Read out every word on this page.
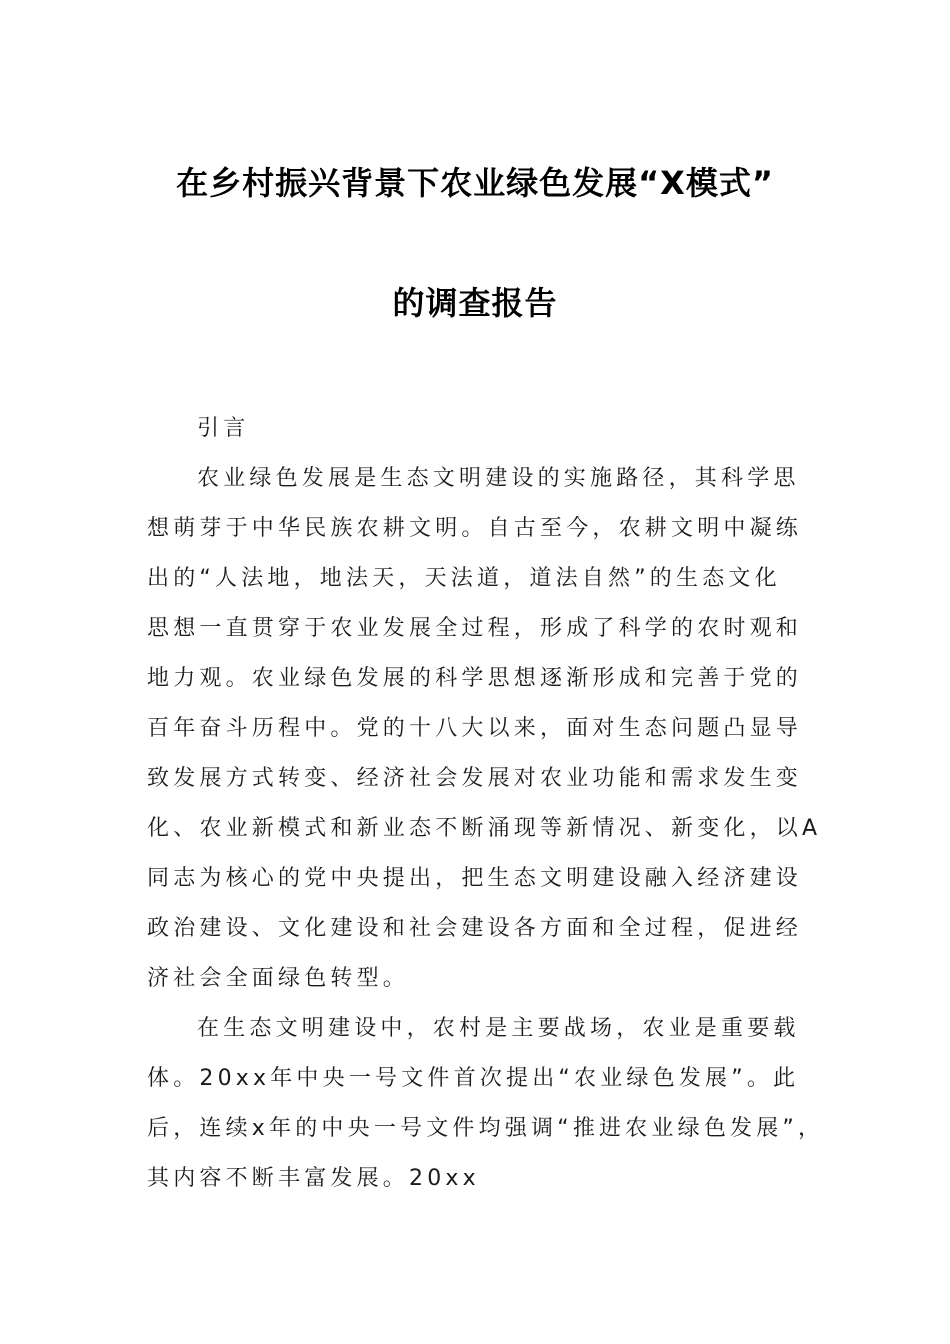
在乡村振兴背景下农业绿色发展“X模式”
的调查报告
引言
农业绿色发展是生态文明建设的实施路径，其科学思
想萌芽于中华民族农耕文明。自古至今，农耕文明中凝练
出的“人法地，地法天，天法道，道法自然”的生态文化
思想一直贯穿于农业发展全过程，形成了科学的农时观和
地力观。农业绿色发展的科学思想逐渐形成和完善于党的
百年奋斗历程中。党的十八大以来，面对生态问题凸显导
致发展方式转变、经济社会发展对农业功能和需求发生变
化、农业新模式和新业态不断涌现等新情况、新变化，以A
同志为核心的党中央提出，把生态文明建设融入经济建设
政治建设、文化建设和社会建设各方面和全过程，促进经
济社会全面绿色转型。
在生态文明建设中，农村是主要战场，农业是重要载
体。20xx年中央一号文件首次提出“农业绿色发展”。此
后，连续x年的中央一号文件均强调“推进农业绿色发展”，
其内容不断丰富发展。20xx
